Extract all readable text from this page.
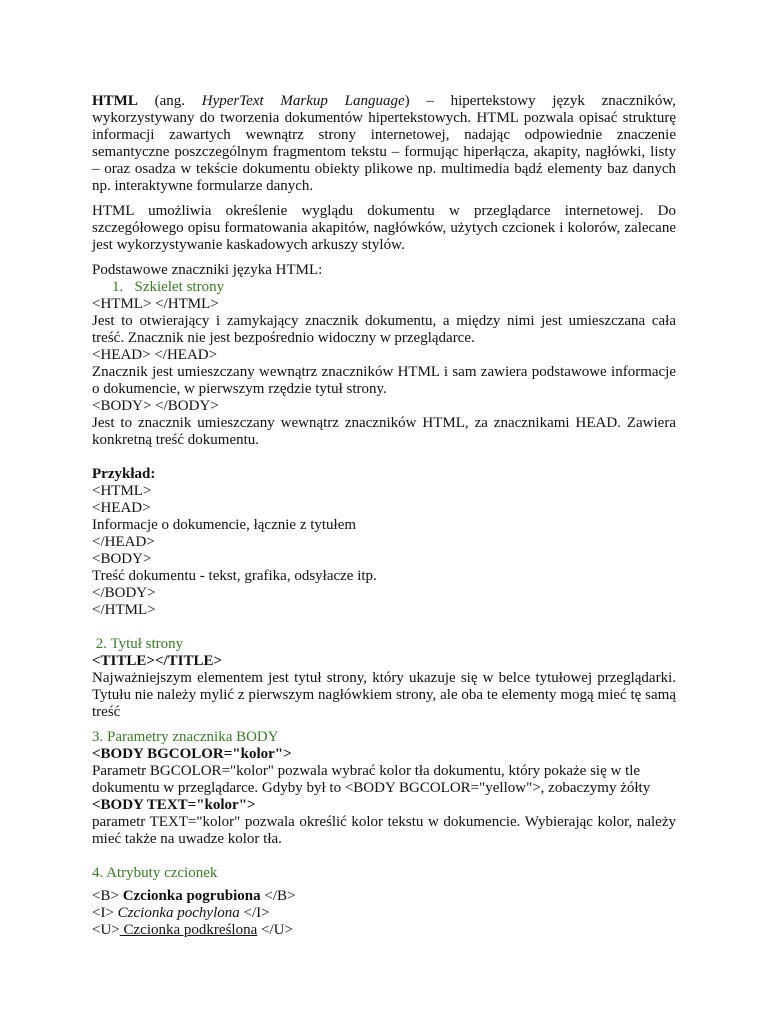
HTML (ang. HyperText Markup Language) – hipertekstowy język znaczników, wykorzystywany do tworzenia dokumentów hipertekstowych. HTML pozwala opisać strukturę informacji zawartych wewnątrz strony internetowej, nadając odpowiednie znaczenie semantyczne poszczególnym fragmentom tekstu – formując hiperłącza, akapity, nagłówki, listy – oraz osadza w tekście dokumentu obiekty plikowe np. multimedia bądź elementy baz danych np. interaktywne formularze danych.

HTML umożliwia określenie wyglądu dokumentu w przeglądarce internetowej. Do szczegółowego opisu formatowania akapitów, nagłówków, użytych czcionek i kolorów, zalecane jest wykorzystywanie kaskadowych arkuszy stylów.

Podstawowe znaczniki języka HTML:

1.   Szkielet strony

<HTML> </HTML>

Jest to otwierający i zamykający znacznik dokumentu, a między nimi jest umieszczana cała treść. Znacznik nie jest bezpośrednio widoczny w przeglądarce.

<HEAD> </HEAD>

Znacznik jest umieszczany wewnątrz znaczników HTML i sam zawiera podstawowe informacje o dokumencie, w pierwszym rzędzie tytuł strony.

<BODY> </BODY>

Jest to znacznik umieszczany wewnątrz znaczników HTML, za znacznikami HEAD. Zawiera konkretną treść dokumentu.

Przykład:

<HTML>
<HEAD>
Informacje o dokumencie, łącznie z tytułem
</HEAD>
<BODY>
Treść dokumentu - tekst, grafika, odsyłacze itp.
</BODY>
</HTML>

2. Tytuł strony

<TITLE></TITLE>

Najważniejszym elementem jest tytuł strony, który ukazuje się w belce tytułowej przeglądarki. Tytułu nie należy mylić z pierwszym nagłówkiem strony, ale oba te elementy mogą mieć tę samą treść

3. Parametry znacznika BODY

<BODY BGCOLOR="kolor">

Parametr BGCOLOR="kolor" pozwala wybrać kolor tła dokumentu, który pokaże się w tle
dokumentu w przeglądarce. Gdyby był to <BODY BGCOLOR="yellow">, zobaczymy żółty

<BODY TEXT="kolor">

parametr TEXT="kolor" pozwala określić kolor tekstu w dokumencie. Wybierając kolor, należy mieć także na uwadze kolor tła.

4. Atrybuty czcionek

<B> Czcionka pogrubiona </B>

<I> Czcionka pochylona </I>

<U> Czcionka podkreślona </U>
